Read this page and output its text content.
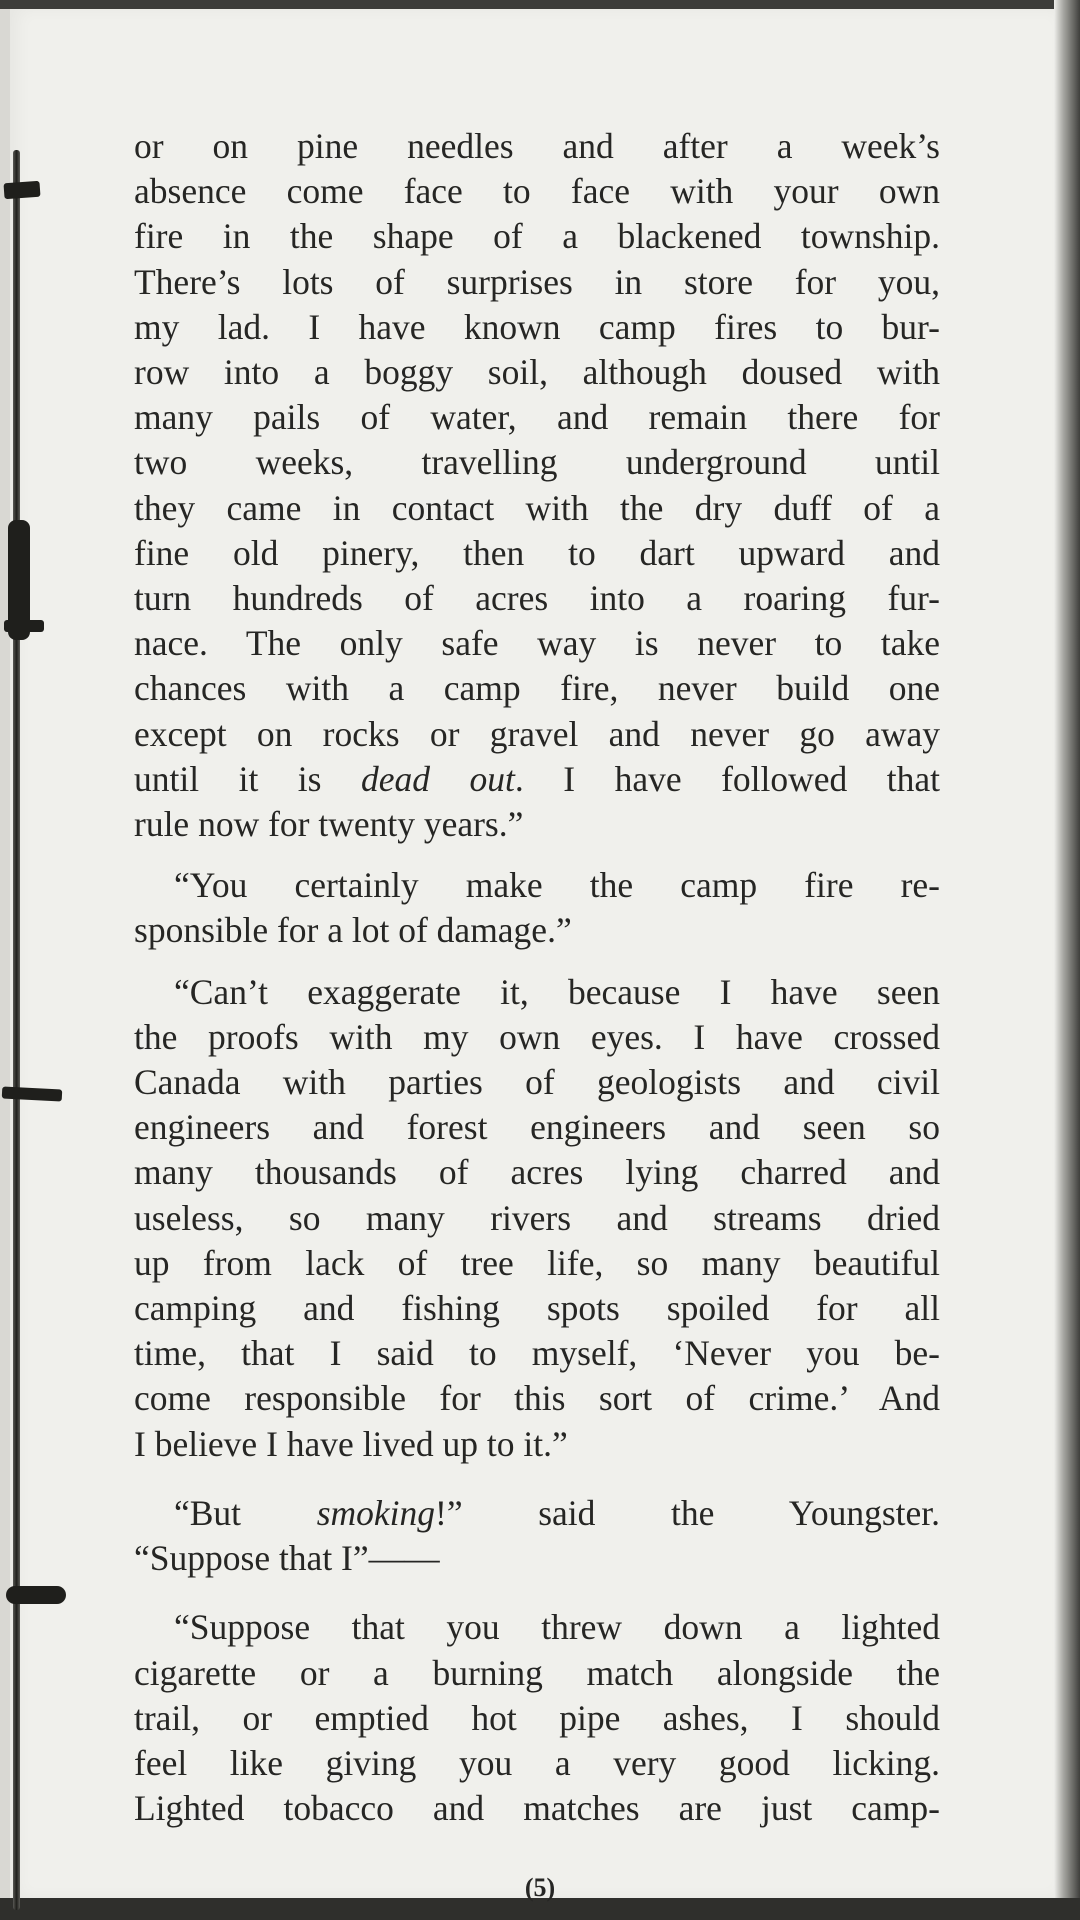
or on pine needles and after a week’s
absence come face to face with your own
fire in the shape of a blackened township.
There’s lots of surprises in store for you,
my lad. I have known camp fires to bur-
row into a boggy soil, although doused with
many pails of water, and remain there for
two weeks, travelling underground until
they came in contact with the dry duff of a
fine old pinery, then to dart upward and
turn hundreds of acres into a roaring fur-
nace. The only safe way is never to take
chances with a camp fire, never build one
except on rocks or gravel and never go away
until it is dead out. I have followed that
rule now for twenty years.”

“You certainly make the camp fire re-
sponsible for a lot of damage.”

“Can’t exaggerate it, because I have seen
the proofs with my own eyes. I have crossed
Canada with parties of geologists and civil
engineers and forest engineers and seen so
many thousands of acres lying charred and
useless, so many rivers and streams dried
up from lack of tree life, so many beautiful
camping and fishing spots spoiled for all
time, that I said to myself, ‘Never you be-
come responsible for this sort of crime.’ And
I believe I have lived up to it.”

“But smoking!” said the Youngster.
“Suppose that I”——

“Suppose that you threw down a lighted
cigarette or a burning match alongside the
trail, or emptied hot pipe ashes, I should
feel like giving you a very good licking.
Lighted tobacco and matches are just camp-

(5)
